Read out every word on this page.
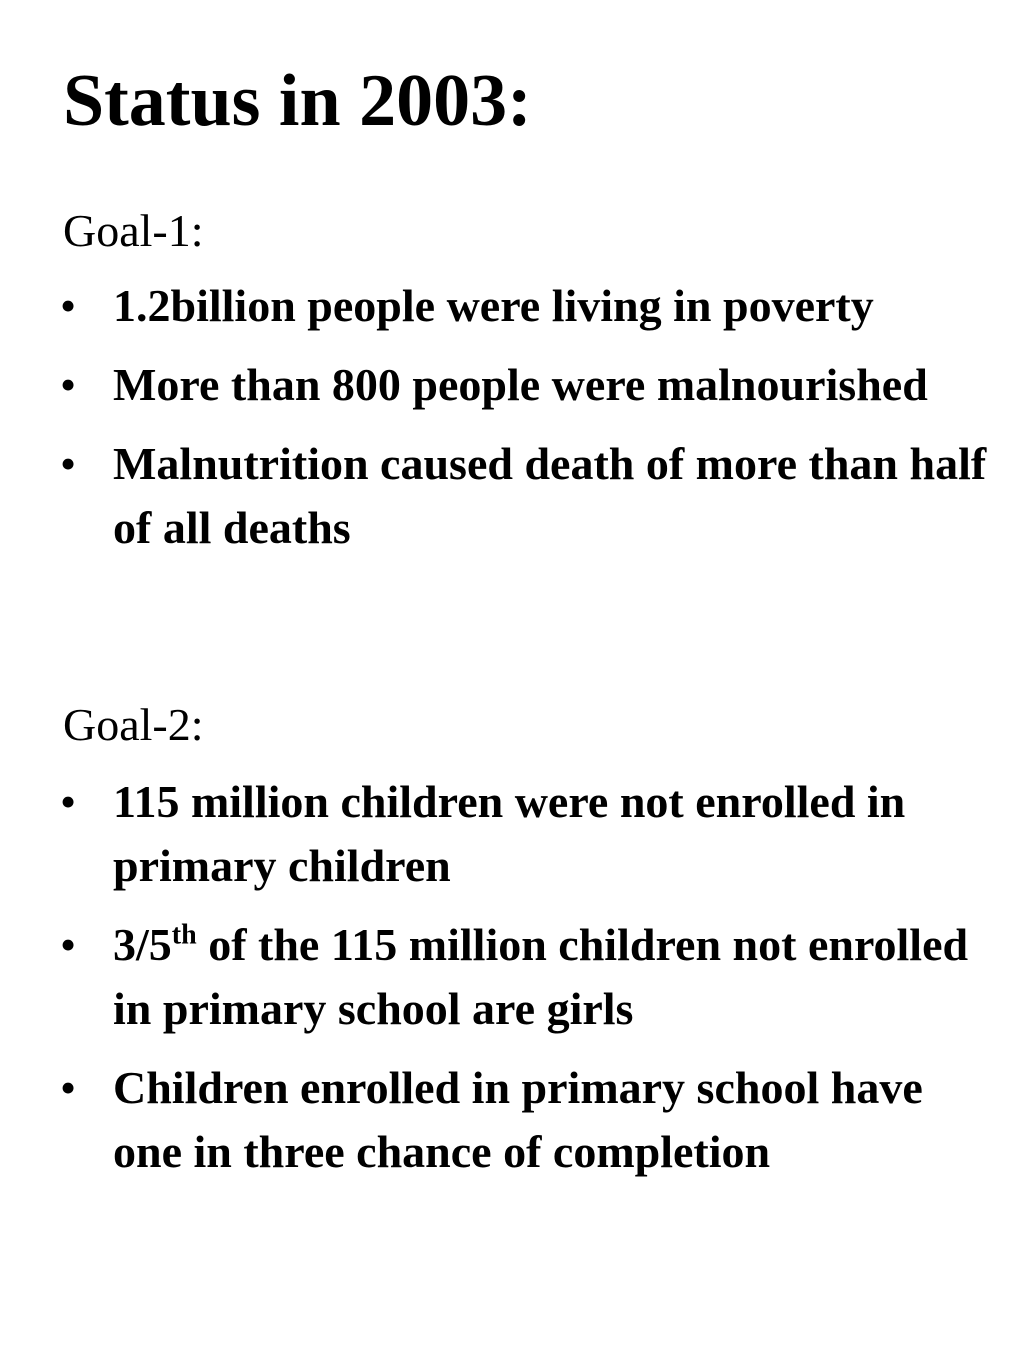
Status in 2003:
Goal-1:
• 1.2billion people were living in poverty
• More than 800 people were malnourished
• Malnutrition caused death of more than half of all deaths
Goal-2:
• 115 million children were not enrolled in primary children
• 3/5th of the 115 million children not enrolled in primary school are girls
• Children enrolled in primary school have one in three chance of completion
